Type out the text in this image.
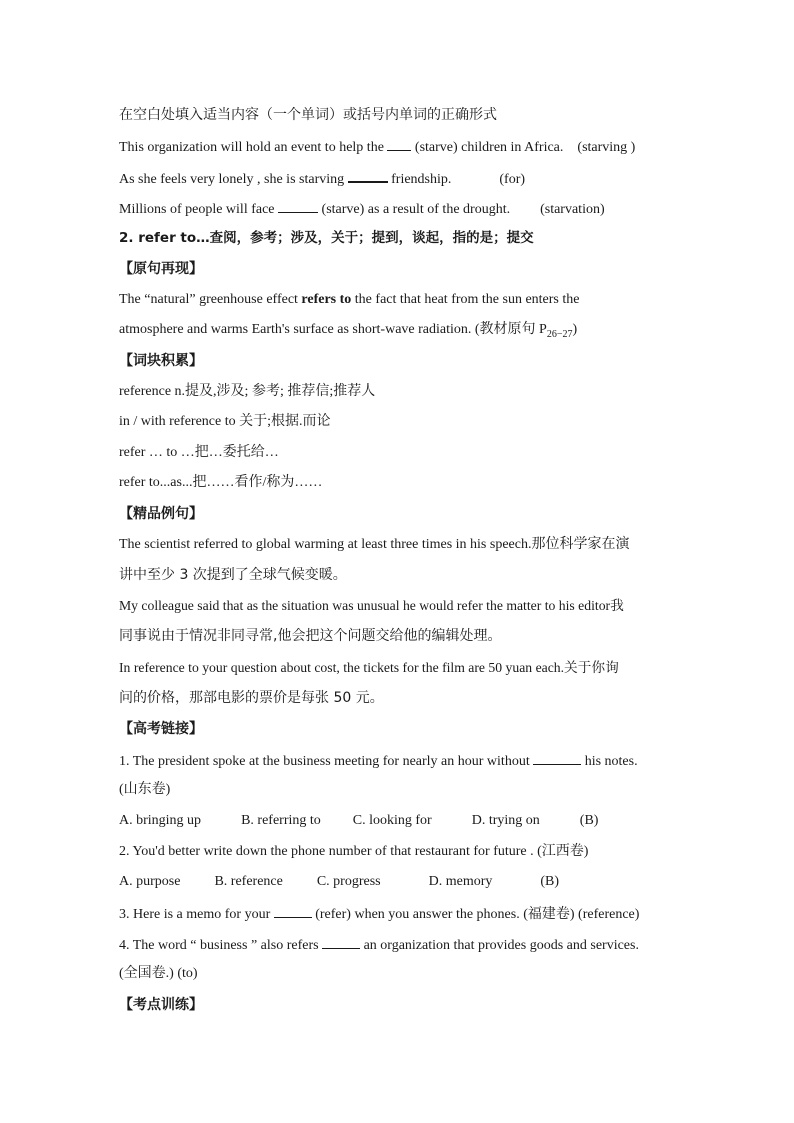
在空白处填入适当内容（一个单词）或括号内单词的正确形式
This organization will hold an event to help the  (starve) children in Africa. (starving )
As she feels very lonely , she is starving	friendship.	(for)
Millions of people will face	(starve) as a result of the drought. (starvation)
2. refer to…查阅，参考；涉及，关于；提到，谈起，指的是；提交
【原句再现】
The “natural” greenhouse effect refers to the fact that heat from the sun enters the
atmosphere and warms Earth's surface as short-wave radiation. (教材原句 $P_{26-27}$)
【词块积累】
reference n.提及,涉及; 参考; 推荐信;推荐人
in / with reference to 关于;根据.而论
refer … to …把…委托给…
refer to...as...把……看作/称为……
【精品例句】
The scientist referred to global warming at least three times in his speech.那位科学家在演
讲中至少 3 次提到了全球气候变暖。
My colleague said that as the situation was unusual he would refer the matter to his editor我
同事说由于情况非同寻常,他会把这个问题交给他的编辑处理。
In reference to your question about cost, the tickets for the film are 50 yuan each.关于你询
问的价格，那部电影的票价是每张 50 元。
【高考链接】
1. The president spoke at the business meeting for nearly an hour without	his notes.
(山东卷)
A. bringing up	B. referring to C. looking for	D. trying on	(B)
2. You'd better write down the phone number of that restaurant for future . (江西卷)
A. purpose B. reference C. progress	D. memory	(B)
3. Here is a memo for your	(refer) when you answer the phones. (福建卷) (reference)
4. The word “ business ” also refers	an organization that provides goods and services.
(全国卷.) (to)
【考点训练】
